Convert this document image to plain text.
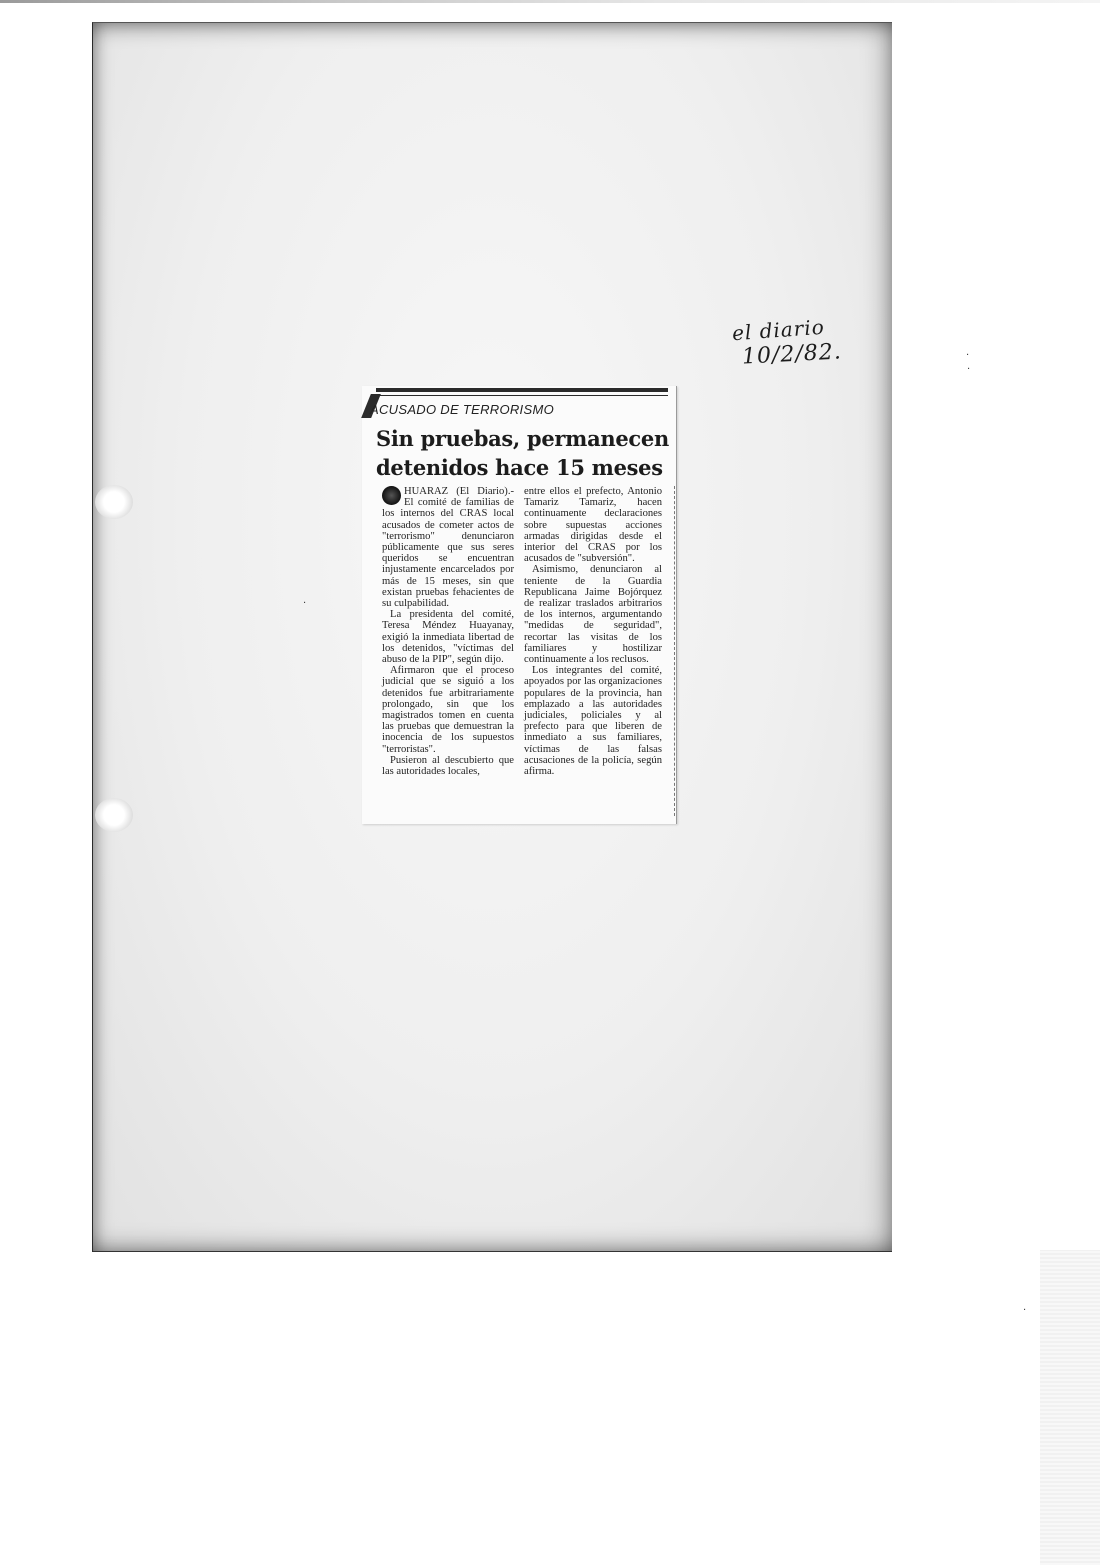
·
·
·
·
el diario
10/2/82.
ACUSADO DE TERRORISMO
Sin pruebas, permanecen detenidos hace 15 meses

HUARAZ (El Diario).- El comité de familias de los internos del CRAS local acusados de cometer actos de "terrorismo" denunciaron públicamente que sus seres queridos se encuentran injustamente encarcelados por más de 15 meses, sin que existan pruebas fehacientes de su culpabilidad.

La presidenta del comité, Teresa Méndez Huayanay, exigió la inmediata libertad de los detenidos, "víctimas del abuso de la PIP", según dijo.

Afirmaron que el proceso judicial que se siguió a los detenidos fue arbitrariamente prolongado, sin que los magistrados tomen en cuenta las pruebas que demuestran la inocencia de los supuestos "terroristas".

Pusieron al descubierto que las autoridades locales,

entre ellos el prefecto, Antonio Tamariz Tamariz, hacen continuamente declaraciones sobre supuestas acciones armadas dirigidas desde el interior del CRAS por los acusados de "subversión".

Asimismo, denunciaron al teniente de la Guardia Republicana Jaime Bojórquez de realizar traslados arbitrarios de los internos, argumentando "medidas de seguridad", recortar las visitas de los familiares y hostilizar continuamente a los reclusos.

Los integrantes del comité, apoyados por las organizaciones populares de la provincia, han emplazado a las autoridades judiciales, policiales y al prefecto para que liberen de inmediato a sus familiares, víctimas de las falsas acusaciones de la policía, según afirma.
